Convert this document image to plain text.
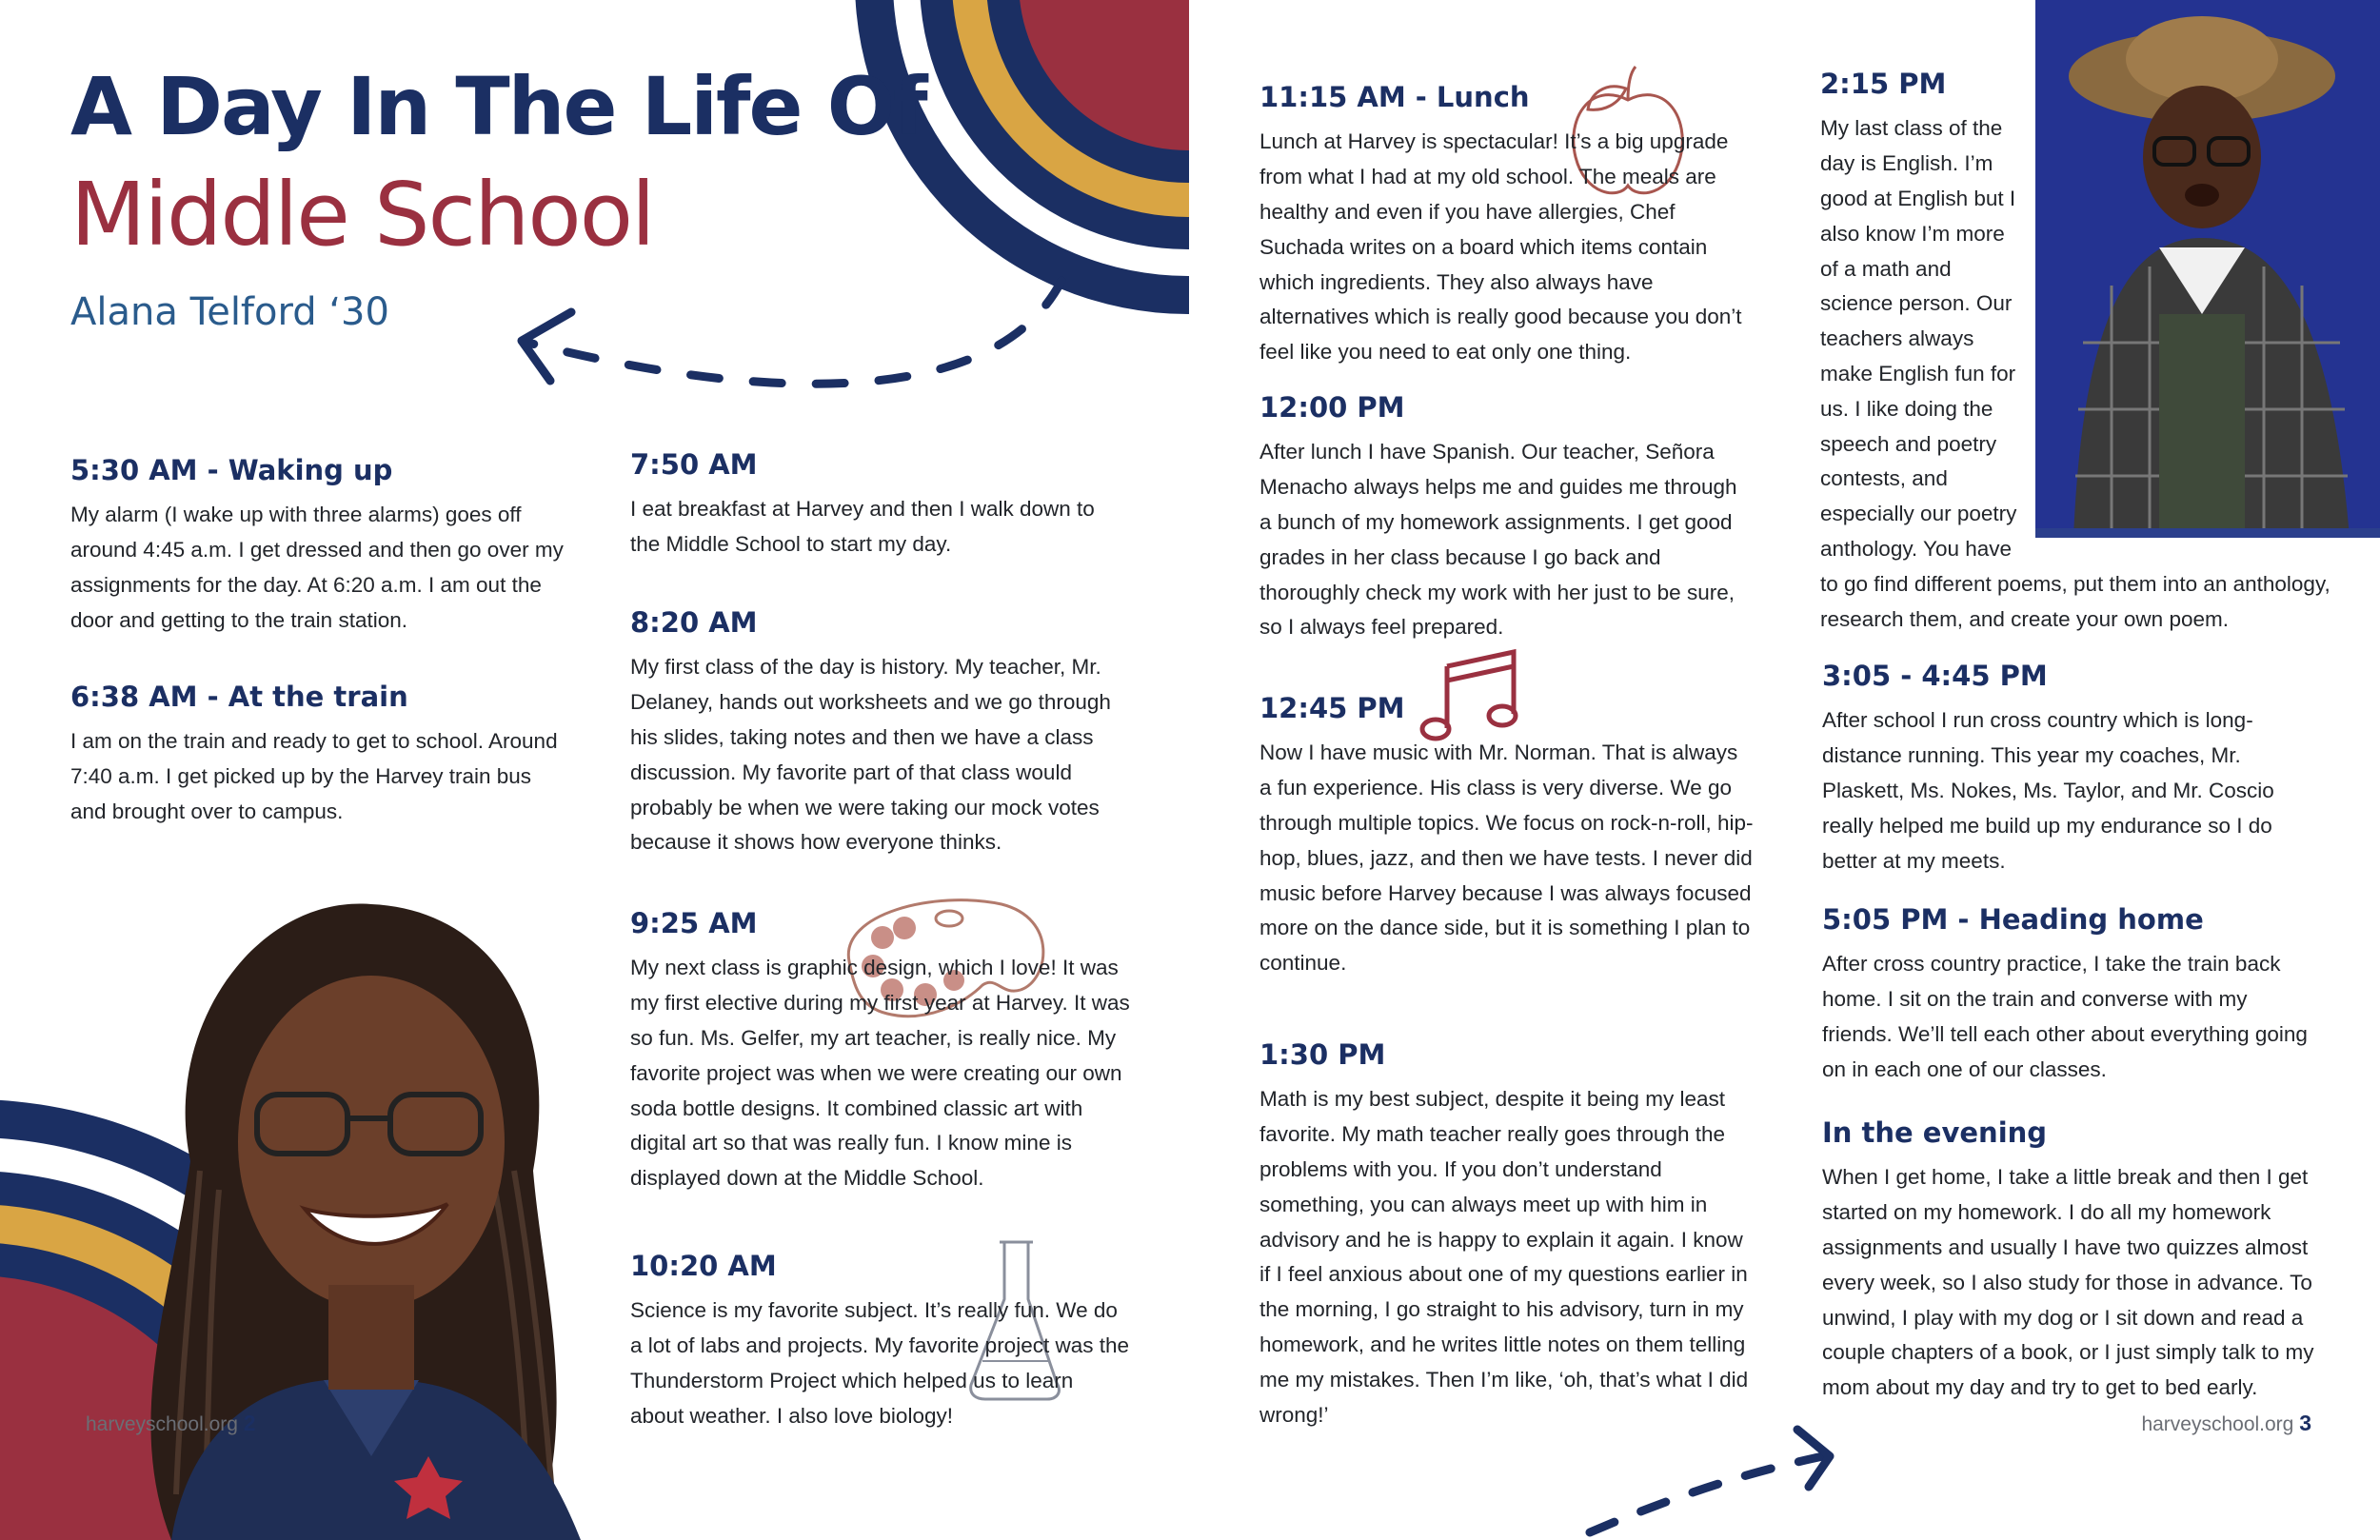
A Day In The Life Of
Middle School
Alana Telford ‘30
5:30 AM - Waking up

My alarm (I wake up with three alarms) goes off around 4:45 a.m. I get dressed and then go over my assignments for the day. At 6:20 a.m. I am out the door and getting to the train station.

6:38 AM - At the train

I am on the train and ready to get to school. Around 7:40 a.m. I get picked up by the Harvey train bus and brought over to campus.

7:50 AM

I eat breakfast at Harvey and then I walk down to the Middle School to start my day.

8:20 AM

My first class of the day is history. My teacher, Mr. Delaney, hands out worksheets and we go through his slides, taking notes and then we have a class discussion. My favorite part of that class would probably be when we were taking our mock votes because it shows how everyone thinks.

9:25 AM

My next class is graphic design, which I love! It was my first elective during my first year at Harvey. It was so fun. Ms. Gelfer, my art teacher, is really nice. My favorite project was when we were creating our own soda bottle designs. It combined classic art with digital art so that was really fun. I know mine is displayed down at the Middle School.

10:20 AM

Science is my favorite subject. It’s really fun. We do a lot of labs and projects. My favorite project was the Thunderstorm Project which helped us to learn about weather. I also love biology!

11:15 AM - Lunch

Lunch at Harvey is spectacular! It’s a big upgrade from what I had at my old school. The meals are healthy and even if you have allergies, Chef Suchada writes on a board which items contain which ingredients. They also always have alternatives which is really good because you don’t feel like you need to eat only one thing.

12:00 PM

After lunch I have Spanish. Our teacher, Señora Menacho always helps me and guides me through a bunch of my homework assignments. I get good grades in her class because I go back and thoroughly check my work with her just to be sure, so I always feel prepared.

12:45 PM

Now I have music with Mr. Norman. That is always a fun experience. His class is very diverse. We go through multiple topics. We focus on rock-n-roll, hip-hop, blues, jazz, and then we have tests. I never did music before Harvey because I was always focused more on the dance side, but it is something I plan to continue.

1:30 PM

Math is my best subject, despite it being my least favorite. My math teacher really goes through the problems with you. If you don’t understand something, you can always meet up with him in advisory and he is happy to explain it again. I know if I feel anxious about one of my questions earlier in the morning, I go straight to his advisory, turn in my homework, and he writes little notes on them telling me my mistakes. Then I’m like, ‘oh, that’s what I did wrong!’

2:15 PM

My last class of the day is English. I’m good at English but I also know I’m more of a math and science person. Our teachers always make English fun for us. I like doing the speech and poetry contests, and especially our poetry anthology. You have to go find different poems, put them into an anthology, research them, and create your own poem.

3:05 - 4:45 PM

After school I run cross country which is long-distance running. This year my coaches, Mr. Plaskett, Ms. Nokes, Ms. Taylor, and Mr. Coscio really helped me build up my endurance so I do better at my meets.

5:05 PM - Heading home

After cross country practice, I take the train back home. I sit on the train and converse with my friends. We’ll tell each other about everything going on in each one of our classes.

In the evening

When I get home, I take a little break and then I get started on my homework. I do all my homework assignments and usually I have two quizzes almost every week, so I also study for those in advance. To unwind, I play with my dog or I sit down and read a couple chapters of a book, or I just simply talk to my mom about my day and try to get to bed early.

harveyschool.org 2	harveyschool.org 3
